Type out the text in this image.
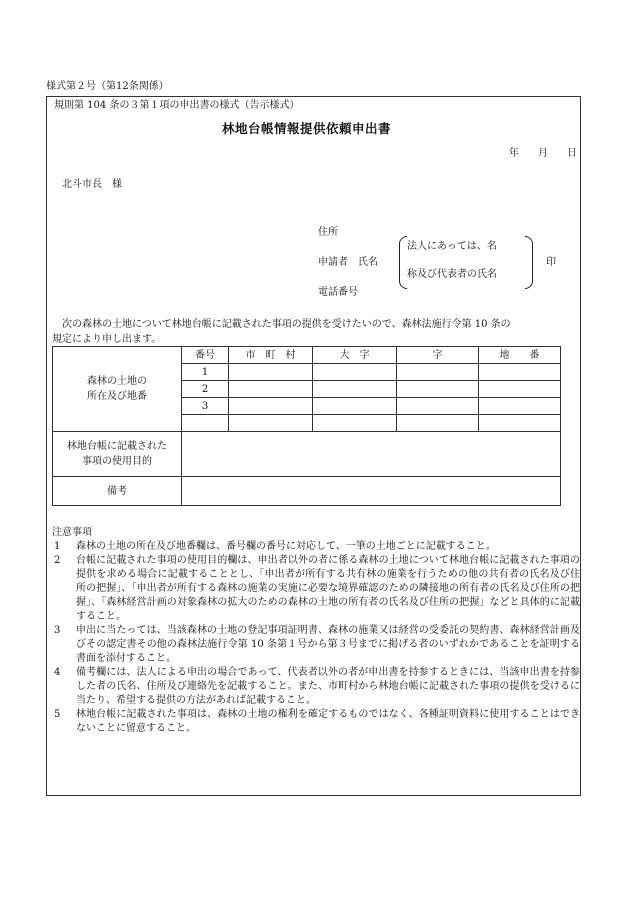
様式第２号（第12条関係）
規則第 104 条の３第１項の申出書の様式（告示様式）
林地台帳情報提供依頼申出書
年 月 日
北斗市長　様
住所
申請者　氏名
法人にあっては、名
称及び代表者の氏名
印
電話番号
次の森林の土地について林地台帳に記載された事項の提供を受けたいので、森林法施行令第 10 条の
規定により申し出ます。
森林の土地の
所在及び地番	番号	市　町　村	大　字	字	地　　番
	1				
	2				
	3				

林地台帳に記載された
事項の使用目的					
備考					
注意事項
1	森林の土地の所在及び地番欄は、番号欄の番号に対応して、一筆の土地ごとに記載すること。
2	台帳に記載された事項の使用目的欄は、申出者以外の者に係る森林の土地について林地台帳に記載された事項の提供を求める場合に記載することとし、「申出者が所有する共有林の施業を行うための他の共有者の氏名及び住所の把握」、「申出者が所有する森林の施業の実施に必要な境界確認のための隣接地の所有者の氏名及び住所の把握」、「森林経営計画の対象森林の拡大のための森林の土地の所有者の氏名及び住所の把握」などと具体的に記載すること。
3	申出に当たっては、当該森林の土地の登記事項証明書、森林の施業又は経営の受委託の契約書、森林経営計画及びその認定書その他の森林法施行令第 10 条第１号から第３号までに掲げる者のいずれかであることを証明する書面を添付すること。
4	備考欄には、法人による申出の場合であって、代表者以外の者が申出書を持参するときには、当該申出書を持参した者の氏名、住所及び連絡先を記載すること。また、市町村から林地台帳に記載された事項の提供を受けるに当たり、希望する提供の方法があれば記載すること。
5	林地台帳に記載された事項は、森林の土地の権利を確定するものではなく、各種証明資料に使用することはできないことに留意すること。
